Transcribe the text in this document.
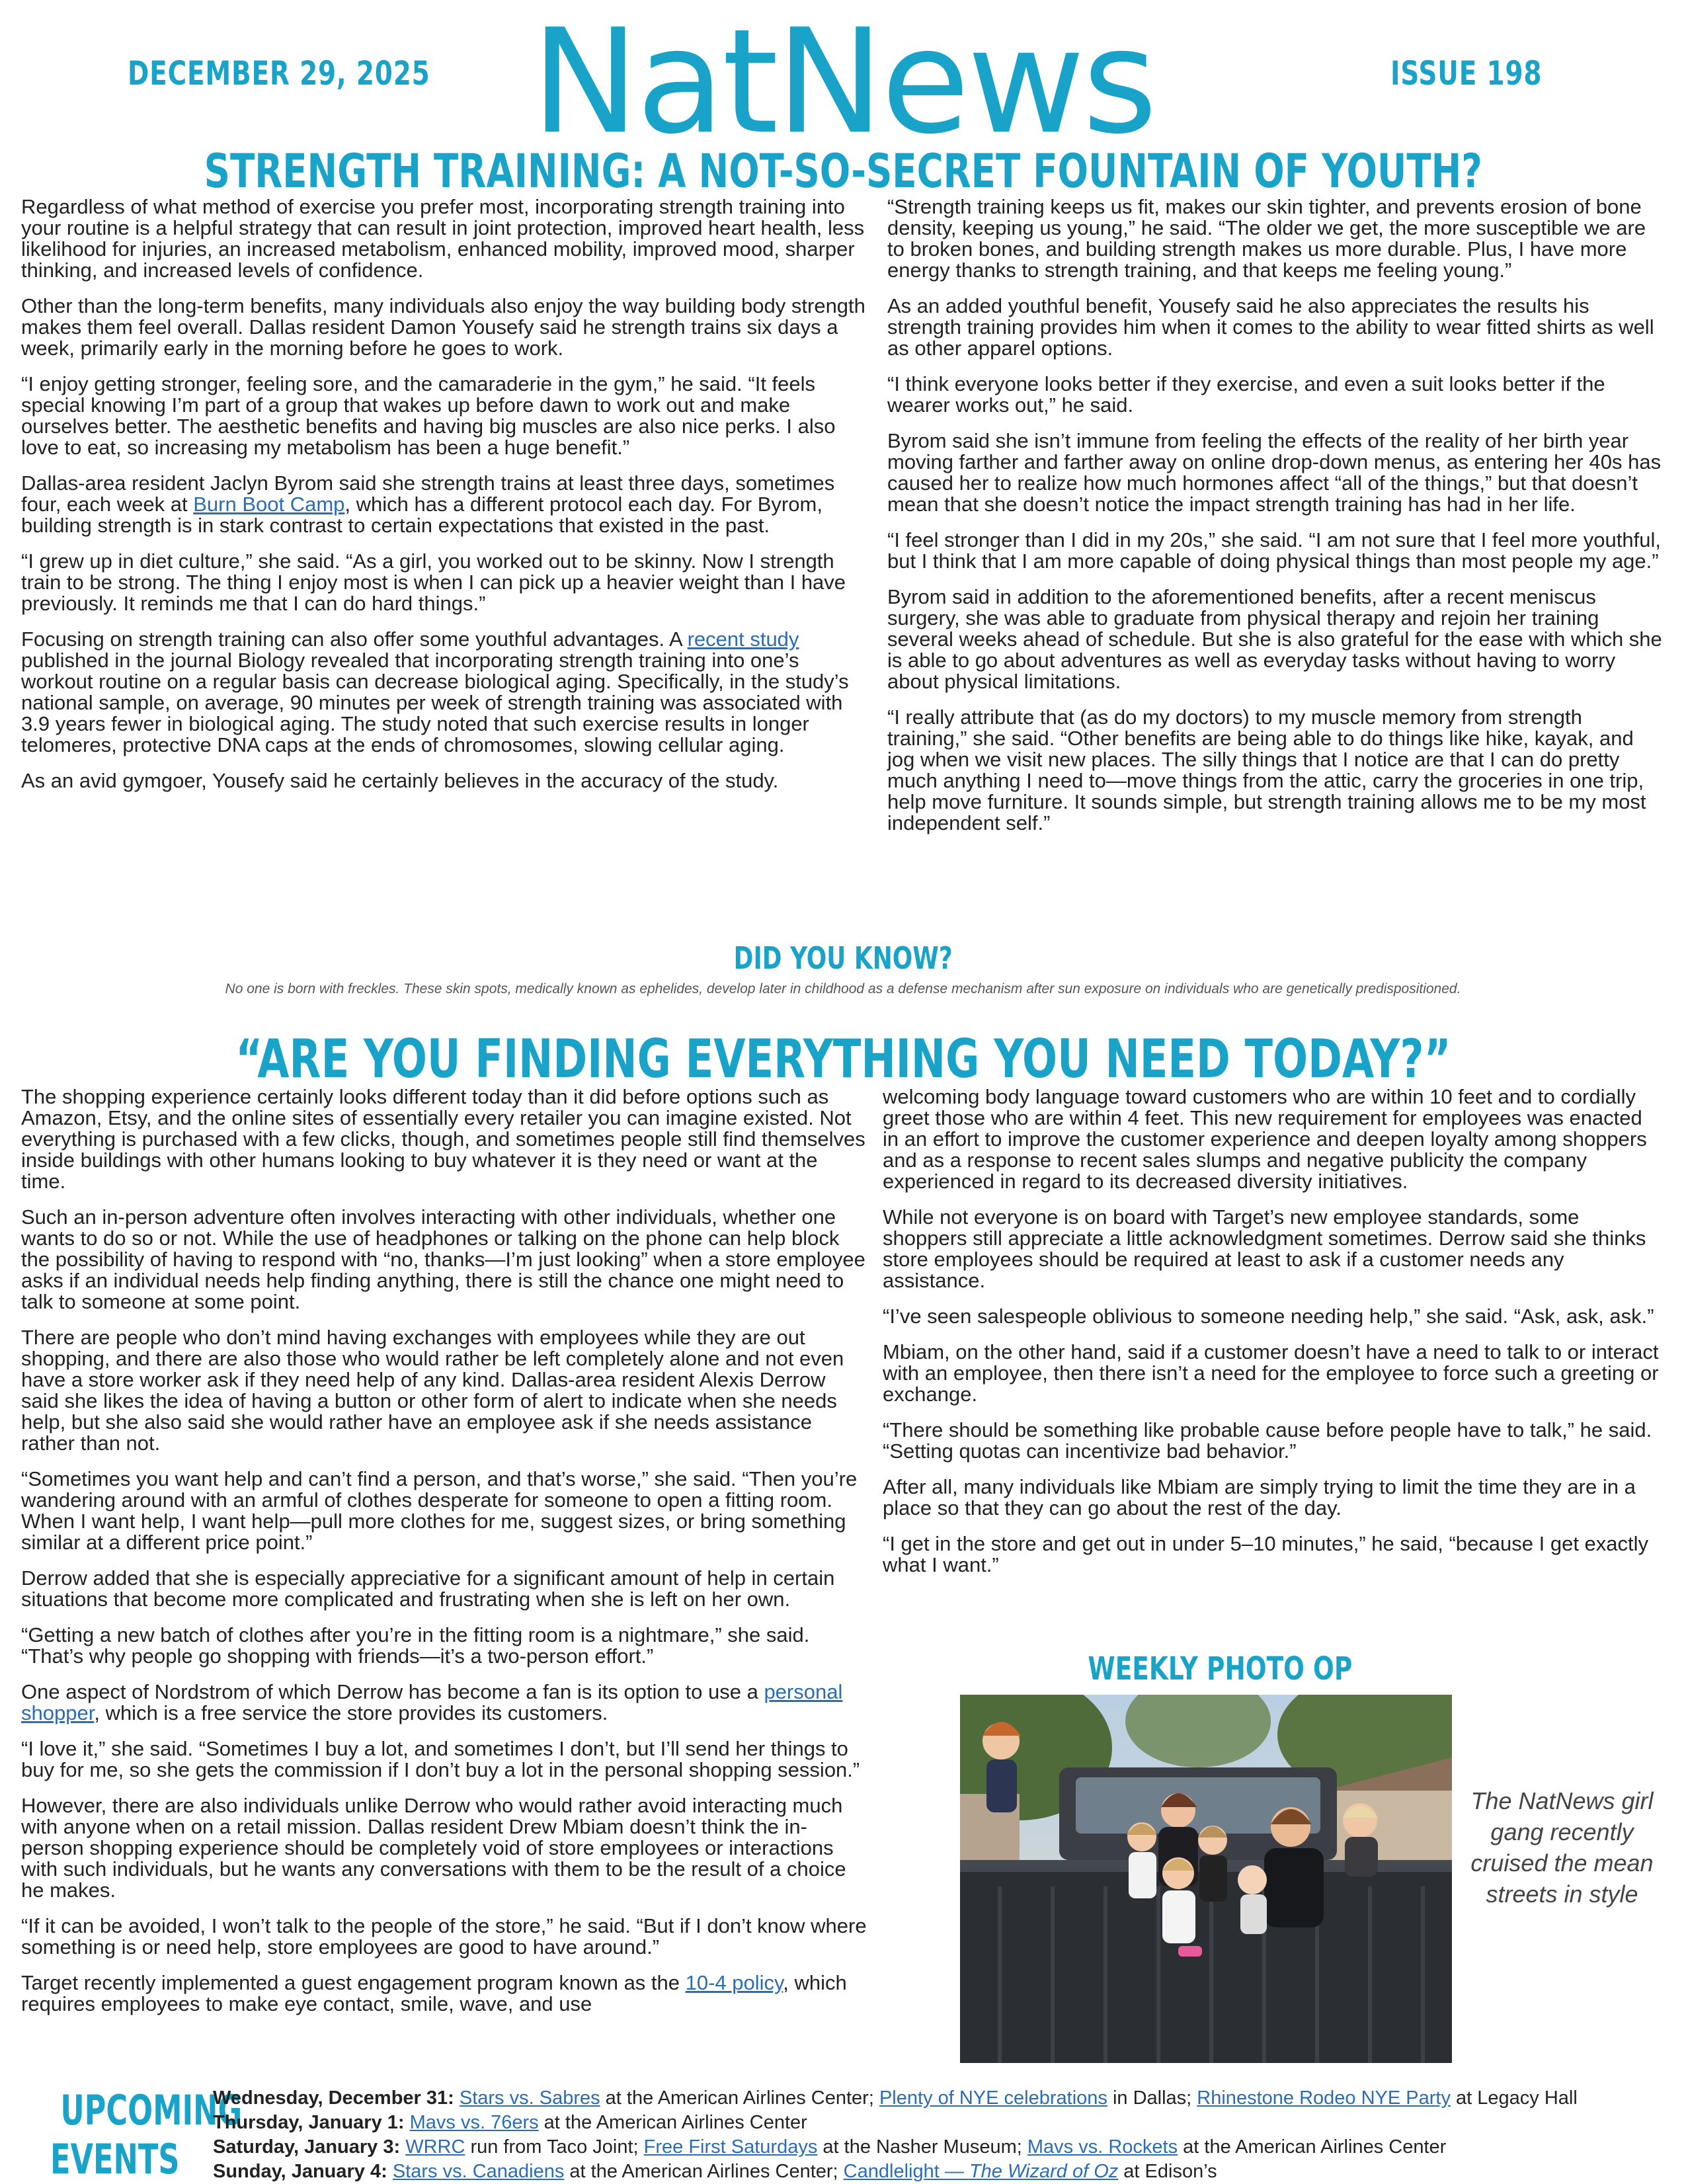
DECEMBER 29, 2025 NatNews	ISSUE 198
STRENGTH TRAINING: A NOT-SO-SECRET FOUNTAIN OF YOUTH?

Regardless of what method of exercise you prefer most, incorporating strength training into your routine is a helpful strategy that can result in joint protection, improved heart health, less likelihood for injuries, an increased metabolism, enhanced mobility, improved mood, sharper thinking, and increased levels of confidence.

Other than the long-term benefits, many individuals also enjoy the way building body strength makes them feel overall. Dallas resident Damon Yousefy said he strength trains six days a week, primarily early in the morning before he goes to work.

“I enjoy getting stronger, feeling sore, and the camaraderie in the gym,” he said. “It feels special knowing I’m part of a group that wakes up before dawn to work out and make ourselves better. The aesthetic benefits and having big muscles are also nice perks. I also love to eat, so increasing my metabolism has been a huge benefit.”

Dallas-area resident Jaclyn Byrom said she strength trains at least three days, sometimes four, each week at Burn Boot Camp, which has a different protocol each day. For Byrom, building strength is in stark contrast to certain expectations that existed in the past.

“I grew up in diet culture,” she said. “As a girl, you worked out to be skinny. Now I strength train to be strong. The thing I enjoy most is when I can pick up a heavier weight than I have previously. It reminds me that I can do hard things.”

Focusing on strength training can also offer some youthful advantages. A recent study published in the journal Biology revealed that incorporating strength training into one’s workout routine on a regular basis can decrease biological aging. Specifically, in the study’s national sample, on average, 90 minutes per week of strength training was associated with 3.9 years fewer in biological aging. The study noted that such exercise results in longer telomeres, protective DNA caps at the ends of chromosomes, slowing cellular aging.

As an avid gymgoer, Yousefy said he certainly believes in the accuracy of the study.

“Strength training keeps us fit, makes our skin tighter, and prevents erosion of bone density, keeping us young,” he said. “The older we get, the more susceptible we are to broken bones, and building strength makes us more durable. Plus, I have more energy thanks to strength training, and that keeps me feeling young.”

As an added youthful benefit, Yousefy said he also appreciates the results his strength training provides him when it comes to the ability to wear fitted shirts as well as other apparel options.

“I think everyone looks better if they exercise, and even a suit looks better if the wearer works out,” he said.

Byrom said she isn’t immune from feeling the effects of the reality of her birth year moving farther and farther away on online drop-down menus, as entering her 40s has caused her to realize how much hormones affect “all of the things,” but that doesn’t mean that she doesn’t notice the impact strength training has had in her life.

“I feel stronger than I did in my 20s,” she said. “I am not sure that I feel more youthful, but I think that I am more capable of doing physical things than most people my age.”

Byrom said in addition to the aforementioned benefits, after a recent meniscus surgery, she was able to graduate from physical therapy and rejoin her training several weeks ahead of schedule. But she is also grateful for the ease with which she is able to go about adventures as well as everyday tasks without having to worry about physical limitations.

“I really attribute that (as do my doctors) to my muscle memory from strength training,” she said. “Other benefits are being able to do things like hike, kayak, and jog when we visit new places. The silly things that I notice are that I can do pretty much anything I need to—move things from the attic, carry the groceries in one trip, help move furniture. It sounds simple, but strength training allows me to be my most independent self.”

DID YOU KNOW?
No one is born with freckles. These skin spots, medically known as ephelides, develop later in childhood as a defense mechanism after sun exposure on individuals who are genetically predispositioned.
“ARE YOU FINDING EVERYTHING YOU NEED TODAY?”

The shopping experience certainly looks different today than it did before options such as Amazon, Etsy, and the online sites of essentially every retailer you can imagine existed. Not everything is purchased with a few clicks, though, and sometimes people still find themselves inside buildings with other humans looking to buy whatever it is they need or want at the time.

Such an in-person adventure often involves interacting with other individuals, whether one wants to do so or not. While the use of headphones or talking on the phone can help block the possibility of having to respond with “no, thanks—I’m just looking” when a store employee asks if an individual needs help finding anything, there is still the chance one might need to talk to someone at some point.

There are people who don’t mind having exchanges with employees while they are out shopping, and there are also those who would rather be left completely alone and not even have a store worker ask if they need help of any kind. Dallas-area resident Alexis Derrow said she likes the idea of having a button or other form of alert to indicate when she needs help, but she also said she would rather have an employee ask if she needs assistance rather than not.

“Sometimes you want help and can’t find a person, and that’s worse,” she said. “Then you’re wandering around with an armful of clothes desperate for someone to open a fitting room. When I want help, I want help—pull more clothes for me, suggest sizes, or bring something similar at a different price point.”

Derrow added that she is especially appreciative for a significant amount of help in certain situations that become more complicated and frustrating when she is left on her own.

“Getting a new batch of clothes after you’re in the fitting room is a nightmare,” she said. “That’s why people go shopping with friends—it’s a two-person effort.”

One aspect of Nordstrom of which Derrow has become a fan is its option to use a personal shopper, which is a free service the store provides its customers.

“I love it,” she said. “Sometimes I buy a lot, and sometimes I don’t, but I’ll send her things to buy for me, so she gets the commission if I don’t buy a lot in the personal shopping session.”

However, there are also individuals unlike Derrow who would rather avoid interacting much with anyone when on a retail mission. Dallas resident Drew Mbiam doesn’t think the in-person shopping experience should be completely void of store employees or interactions with such individuals, but he wants any conversations with them to be the result of a choice he makes.

“If it can be avoided, I won’t talk to the people of the store,” he said. “But if I don’t know where something is or need help, store employees are good to have around.”

Target recently implemented a guest engagement program known as the 10-4 policy, which requires employees to make eye contact, smile, wave, and use

welcoming body language toward customers who are within 10 feet and to cordially greet those who are within 4 feet. This new requirement for employees was enacted in an effort to improve the customer experience and deepen loyalty among shoppers and as a response to recent sales slumps and negative publicity the company experienced in regard to its decreased diversity initiatives.

While not everyone is on board with Target’s new employee standards, some shoppers still appreciate a little acknowledgment sometimes. Derrow said she thinks store employees should be required at least to ask if a customer needs any assistance.

“I’ve seen salespeople oblivious to someone needing help,” she said. “Ask, ask, ask.”

Mbiam, on the other hand, said if a customer doesn’t have a need to talk to or interact with an employee, then there isn’t a need for the employee to force such a greeting or exchange.

“There should be something like probable cause before people have to talk,” he said. “Setting quotas can incentivize bad behavior.”

After all, many individuals like Mbiam are simply trying to limit the time they are in a place so that they can go about the rest of the day.

“I get in the store and get out in under 5–10 minutes,” he said, “because I get exactly what I want.”

WEEKLY PHOTO OP
The NatNews girl gang recently cruised the mean streets in style
UPCOMING
EVENTS
Wednesday, December 31: Stars vs. Sabres at the American Airlines Center; Plenty of NYE celebrations in Dallas; Rhinestone Rodeo NYE Party at Legacy Hall
Thursday, January 1: Mavs vs. 76ers at the American Airlines Center
Saturday, January 3: WRRC run from Taco Joint; Free First Saturdays at the Nasher Museum; Mavs vs. Rockets at the American Airlines Center
Sunday, January 4: Stars vs. Canadiens at the American Airlines Center; Candlelight — The Wizard of Oz at Edison’s
